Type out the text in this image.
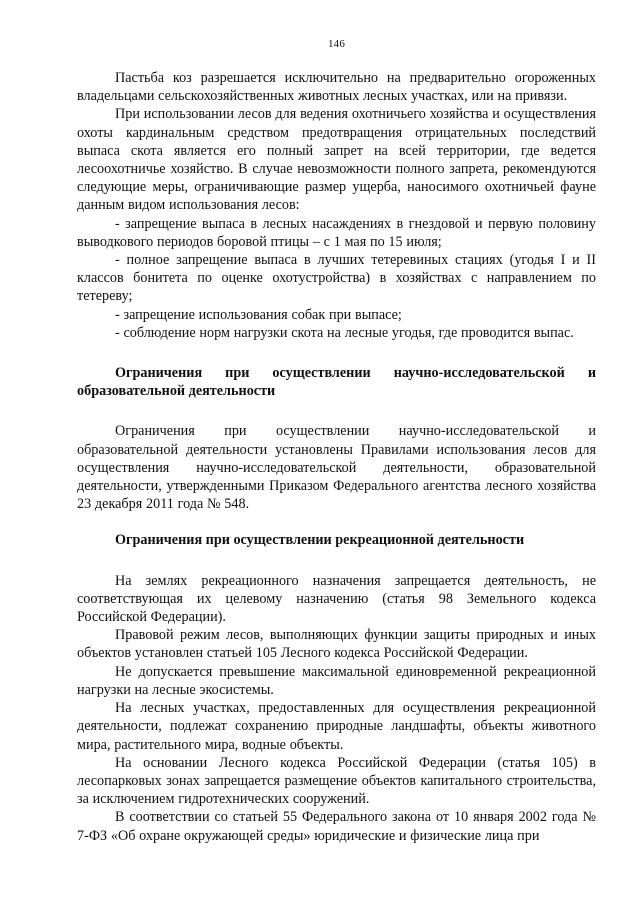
146

Пастьба коз разрешается исключительно на предварительно огороженных владельцами сельскохозяйственных животных лесных участках, или на привязи.

При использовании лесов для ведения охотничьего хозяйства и осуществления охоты кардинальным средством предотвращения отрицательных последствий выпаса скота является его полный запрет на всей территории, где ведется лесоохотничье хозяйство. В случае невозможности полного запрета, рекомендуются следующие меры, ограничивающие размер ущерба, наносимого охотничьей фауне данным видом использования лесов:

- запрещение выпаса в лесных насаждениях в гнездовой и первую половину выводкового периодов боровой птицы – с 1 мая по 15 июля;

- полное запрещение выпаса в лучших тетеревиных стациях (угодья I и II классов бонитета по оценке охотустройства) в хозяйствах с направлением по тетереву;

- запрещение использования собак при выпасе;

- соблюдение норм нагрузки скота на лесные угодья, где проводится выпас.

Ограничения при осуществлении научно-исследовательской и образовательной деятельности

Ограничения при осуществлении научно-исследовательской и образовательной деятельности установлены Правилами использования лесов для осуществления научно-исследовательской деятельности, образовательной деятельности, утвержденными Приказом Федерального агентства лесного хозяйства 23 декабря 2011 года № 548.

Ограничения при осуществлении рекреационной деятельности

На землях рекреационного назначения запрещается деятельность, не соответствующая их целевому назначению (статья 98 Земельного кодекса Российской Федерации).

Правовой режим лесов, выполняющих функции защиты природных и иных объектов установлен статьей 105 Лесного кодекса Российской Федерации.

Не допускается превышение максимальной единовременной рекреационной нагрузки на лесные экосистемы.

На лесных участках, предоставленных для осуществления рекреационной деятельности, подлежат сохранению природные ландшафты, объекты животного мира, растительного мира, водные объекты.

На основании Лесного кодекса Российской Федерации (статья 105) в лесопарковых зонах запрещается размещение объектов капитального строительства, за исключением гидротехнических сооружений.

В соответствии со статьей 55 Федерального закона от 10 января 2002 года № 7-ФЗ «Об охране окружающей среды» юридические и физические лица при
